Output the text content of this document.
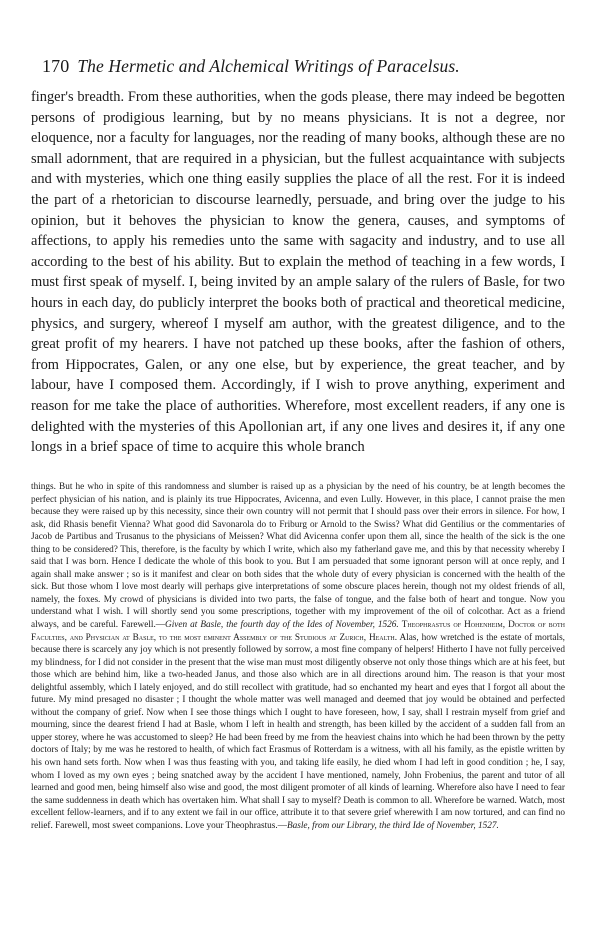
170 The Hermetic and Alchemical Writings of Paracelsus.

finger's breadth. From these authorities, when the gods please, there may indeed be begotten persons of prodigious learning, but by no means physicians. It is not a degree, nor eloquence, nor a faculty for languages, nor the reading of many books, although these are no small adornment, that are required in a physician, but the fullest acquaintance with subjects and with mysteries, which one thing easily supplies the place of all the rest. For it is indeed the part of a rhetorician to discourse learnedly, persuade, and bring over the judge to his opinion, but it behoves the physician to know the genera, causes, and symptoms of affections, to apply his remedies unto the same with sagacity and industry, and to use all according to the best of his ability. But to explain the method of teaching in a few words, I must first speak of myself. I, being invited by an ample salary of the rulers of Basle, for two hours in each day, do publicly interpret the books both of practical and theoretical medicine, physics, and surgery, whereof I myself am author, with the greatest diligence, and to the great profit of my hearers. I have not patched up these books, after the fashion of others, from Hippocrates, Galen, or any one else, but by experience, the great teacher, and by labour, have I composed them. Accordingly, if I wish to prove anything, experiment and reason for me take the place of authorities. Wherefore, most excellent readers, if any one is delighted with the mysteries of this Apollonian art, if any one lives and desires it, if any one longs in a brief space of time to acquire this whole branch

things. But he who in spite of this randomness and slumber is raised up as a physician by the need of his country, be at length becomes the perfect physician of his nation, and is plainly its true Hippocrates, Avicenna, and even Lully. However, in this place, I cannot praise the men because they were raised up by this necessity, since their own country will not permit that I should pass over their errors in silence. For how, I ask, did Rhasis benefit Vienna? What good did Savonarola do to Friburg or Arnold to the Swiss? What did Gentilius or the commentaries of Jacob de Partibus and Trusanus to the physicians of Meissen? What did Avicenna confer upon them all, since the health of the sick is the one thing to be considered? This, therefore, is the faculty by which I write, which also my fatherland gave me, and this by that necessity whereby I said that I was born. Hence I dedicate the whole of this book to you. But I am persuaded that some ignorant person will at once reply, and I again shall make answer ; so is it manifest and clear on both sides that the whole duty of every physician is concerned with the health of the sick. But those whom I love most dearly will perhaps give interpretations of some obscure places herein, though not my oldest friends of all, namely, the foxes. My crowd of physicians is divided into two parts, the false of tongue, and the false both of heart and tongue. Now you understand what I wish. I will shortly send you some prescriptions, together with my improvement of the oil of colcothar. Act as a friend always, and be careful. Farewell.—Given at Basle, the fourth day of the Ides of November, 1526. Theophrastus of Hohenheim, Doctor of both Faculties, and Physician at Basle, to the most eminent Assembly of the Studious at Zurich, Health. Alas, how wretched is the estate of mortals, because there is scarcely any joy which is not presently followed by sorrow, a most fine company of helpers! Hitherto I have not fully perceived my blindness, for I did not consider in the present that the wise man must most diligently observe not only those things which are at his feet, but those which are behind him, like a two-headed Janus, and those also which are in all directions around him. The reason is that your most delightful assembly, which I lately enjoyed, and do still recollect with gratitude, had so enchanted my heart and eyes that I forgot all about the future. My mind presaged no disaster ; I thought the whole matter was well managed and deemed that joy would be obtained and perfected without the company of grief. Now when I see those things which I ought to have foreseen, how, I say, shall I restrain myself from grief and mourning, since the dearest friend I had at Basle, whom I left in health and strength, has been killed by the accident of a sudden fall from an upper storey, where he was accustomed to sleep? He had been freed by me from the heaviest chains into which he had been thrown by the petty doctors of Italy; by me was he restored to health, of which fact Erasmus of Rotterdam is a witness, with all his family, as the epistle written by his own hand sets forth. Now when I was thus feasting with you, and taking life easily, he died whom I had left in good condition ; he, I say, whom I loved as my own eyes ; being snatched away by the accident I have mentioned, namely, John Frobenius, the parent and tutor of all learned and good men, being himself also wise and good, the most diligent promoter of all kinds of learning. Wherefore also have I need to fear the same suddenness in death which has overtaken him. What shall I say to myself? Death is common to all. Wherefore be warned. Watch, most excellent fellow-learners, and if to any extent we fail in our office, attribute it to that severe grief wherewith I am now tortured, and can find no relief. Farewell, most sweet companions. Love your Theophrastus.—Basle, from our Library, the third Ide of November, 1527.
